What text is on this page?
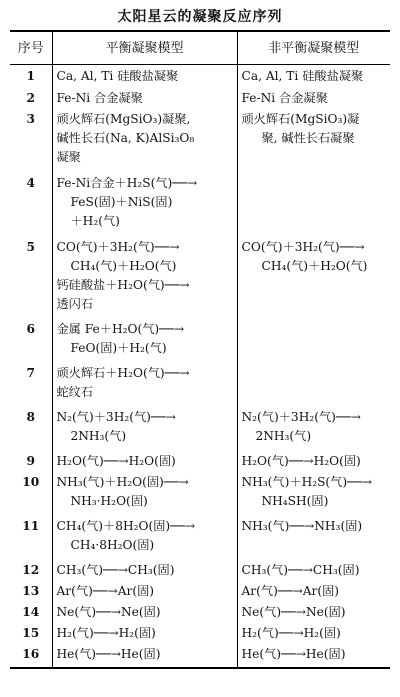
太阳星云的凝聚反应序列
序号	平衡凝聚模型	非平衡凝聚模型
1	Ca, Al, Ti 硅酸盐凝聚	Ca, Al, Ti 硅酸盐凝聚

2	Fe-Ni 合金凝聚	Fe-Ni 合金凝聚

3	顽火辉石(MgSiO₃)凝聚,
碱性长石(Na, K)AlSi₃O₈
凝聚	顽火辉石(MgSiO₃)凝
聚, 碱性长石凝聚

4	Fe-Ni合金＋H₂S(气)──→
FeS(固)＋NiS(固)
＋H₂(气)	

5	CO(气)＋3H₂(气)──→
CH₄(气)＋H₂O(气)
钙硅酸盐＋H₂O(气)──→
透闪石	CO(气)＋3H₂(气)──→
CH₄(气)＋H₂O(气)

6	金属 Fe＋H₂O(气)──→
FeO(固)＋H₂(气)	

7	顽火辉石＋H₂O(气)──→
蛇纹石	

8	N₂(气)＋3H₂(气)──→
2NH₃(气)	N₂(气)＋3H₂(气)──→
2NH₃(气)

9	H₂O(气)──→H₂O(固)	H₂O(气)──→H₂O(固)

10	NH₃(气)＋H₂O(固)──→
NH₃·H₂O(固)	NH₃(气)＋H₂S(气)──→
NH₄SH(固)

11	CH₄(气)＋8H₂O(固)──→
CH₄·8H₂O(固)	NH₃(气)──→NH₃(固)

12	CH₃(气)──→CH₃(固)	CH₃(气)──→CH₃(固)

13	Ar(气)──→Ar(固)	Ar(气)──→Ar(固)

14	Ne(气)──→Ne(固)	Ne(气)──→Ne(固)

15	H₂(气)──→H₂(固)	H₂(气)──→H₂(固)

16	He(气)──→He(固)	He(气)──→He(固)
